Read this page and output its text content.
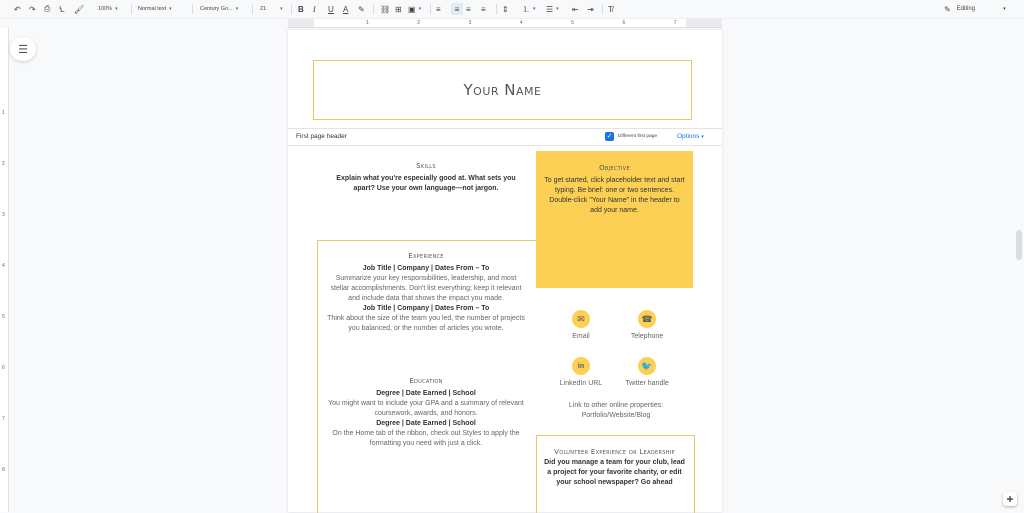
↶ ↷ ⎙ Ꝇ 🖌	100% ▾	Normal text ▾	Century Go... ▾	21	▾ B I U A ✎ ⛓ ⊞ ▣ ▾ ≡	≡ ≡ ≡ ⇕ ⒈ ▾ ☰ ▾ ⇤ ⇥ T̸	✎ Editing	▾
1	2	3	4	5	6	7
1
2
3
4
5
6
7
8
☰
Your Name
First page header	✓	Different first page	Options ▾
Skills
Explain what you're especially good at. What sets you apart? Use your own language—not jargon.
Objective
To get started, click placeholder text and start typing. Be brief: one or two sentences.
Double-click "Your Name" in the header to add your name.
Experience
Job Title | Company | Dates From – To
Summarize your key responsibilities, leadership, and most stellar accomplishments. Don't list everything; keep it relevant and include data that shows the impact you made.
Job Title | Company | Dates From – To
Think about the size of the team you led, the number of projects you balanced, or the number of articles you wrote.
Education
Degree | Date Earned | School
You might want to include your GPA and a summary of relevant coursework, awards, and honors.
Degree | Date Earned | School
On the Home tab of the ribbon, check out Styles to apply the formatting you need with just a click.
✉
Email
☎
Telephone
in
LinkedIn URL
🐦
Twitter handle
Link to other online properties: Portfolio/Website/Blog
Volunteer Experience or Leadership
Did you manage a team for your club, lead a project for your favorite charity, or edit your school newspaper? Go ahead
✚
